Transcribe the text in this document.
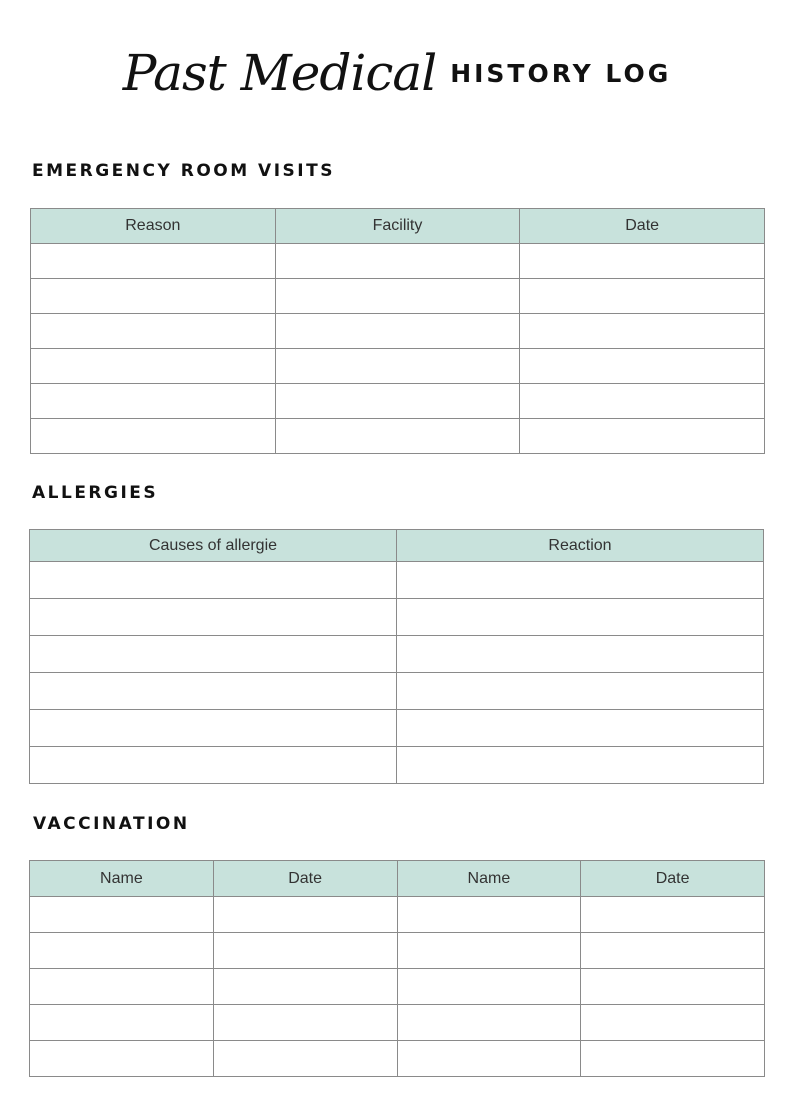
Past Medical HISTORY LOG
EMERGENCY ROOM VISITS
Reason	Facility	Date

ALLERGIES
Causes of allergie	Reaction

VACCINATION
Name	Date	Name	Date
